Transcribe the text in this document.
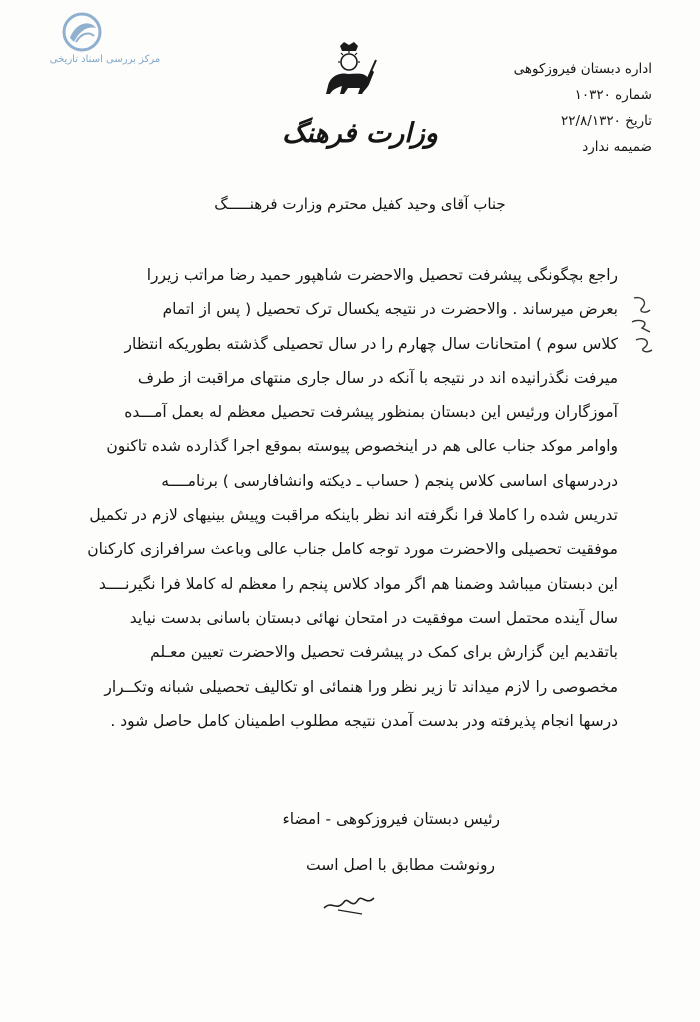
مرکز بررسی اسناد تاریخی
وزارت فرهنگ
اداره دبستان فیروزکوهی
شماره ۱۰۳۲۰
تاریخ ۲۲/۸/۱۳۲۰
ضمیمه ندارد
جناب آقای وحید کفیل محترم وزارت فرهنـــــگ
راجع بچگونگی پیشرفت تحصیل والاحضرت شاهپور حمید رضا مراتب زیررا
بعرض میرساند . والاحضرت در نتیجه یکسال ترک تحصیل ( پس از اتمام
کلاس سوم ) امتحانات سال چهارم را در سال تحصیلی گذشته بطوریکه انتظار
میرفت نگذرانیده اند در نتیجه با آنکه در سال جاری منتهای مراقبت از طرف
آموزگاران ورئیس این دبستان بمنظور پیشرفت تحصیل معظم له بعمل آمـــده
واوامر موکد جناب عالی هم در اینخصوص پیوسته بموقع اجرا گذارده شده تاکنون
دردرسهای اساسی کلاس پنجم ( حساب ـ دیکته وانشافارسی ) برنامــــه
تدریس شده را کاملا فرا نگرفته اند نظر باینکه مراقبت وپیش بینیهای لازم در تکمیل
موفقیت تحصیلی والاحضرت مورد توجه کامل جناب عالی وباعث سرافرازی کارکنان
این دبستان میباشد وضمنا هم اگر مواد کلاس پنجم را معظم له کاملا فرا نگیرنــــد
سال آینده محتمل است موفقیت در امتحان نهائی دبستان باسانی بدست نیاید
باتقدیم این گزارش برای کمک در پیشرفت تحصیل والاحضرت تعیین معـلم
مخصوصی را لازم میداند تا زیر نظر ورا هنمائی او تکالیف تحصیلی شبانه وتکــرار
درسها انجام پذیرفته ودر بدست آمدن نتیجه مطلوب اطمینان کامل حاصل شود .
رئیس دبستان فیروزکوهی - امضاء
رونوشت مطابق با اصل است
